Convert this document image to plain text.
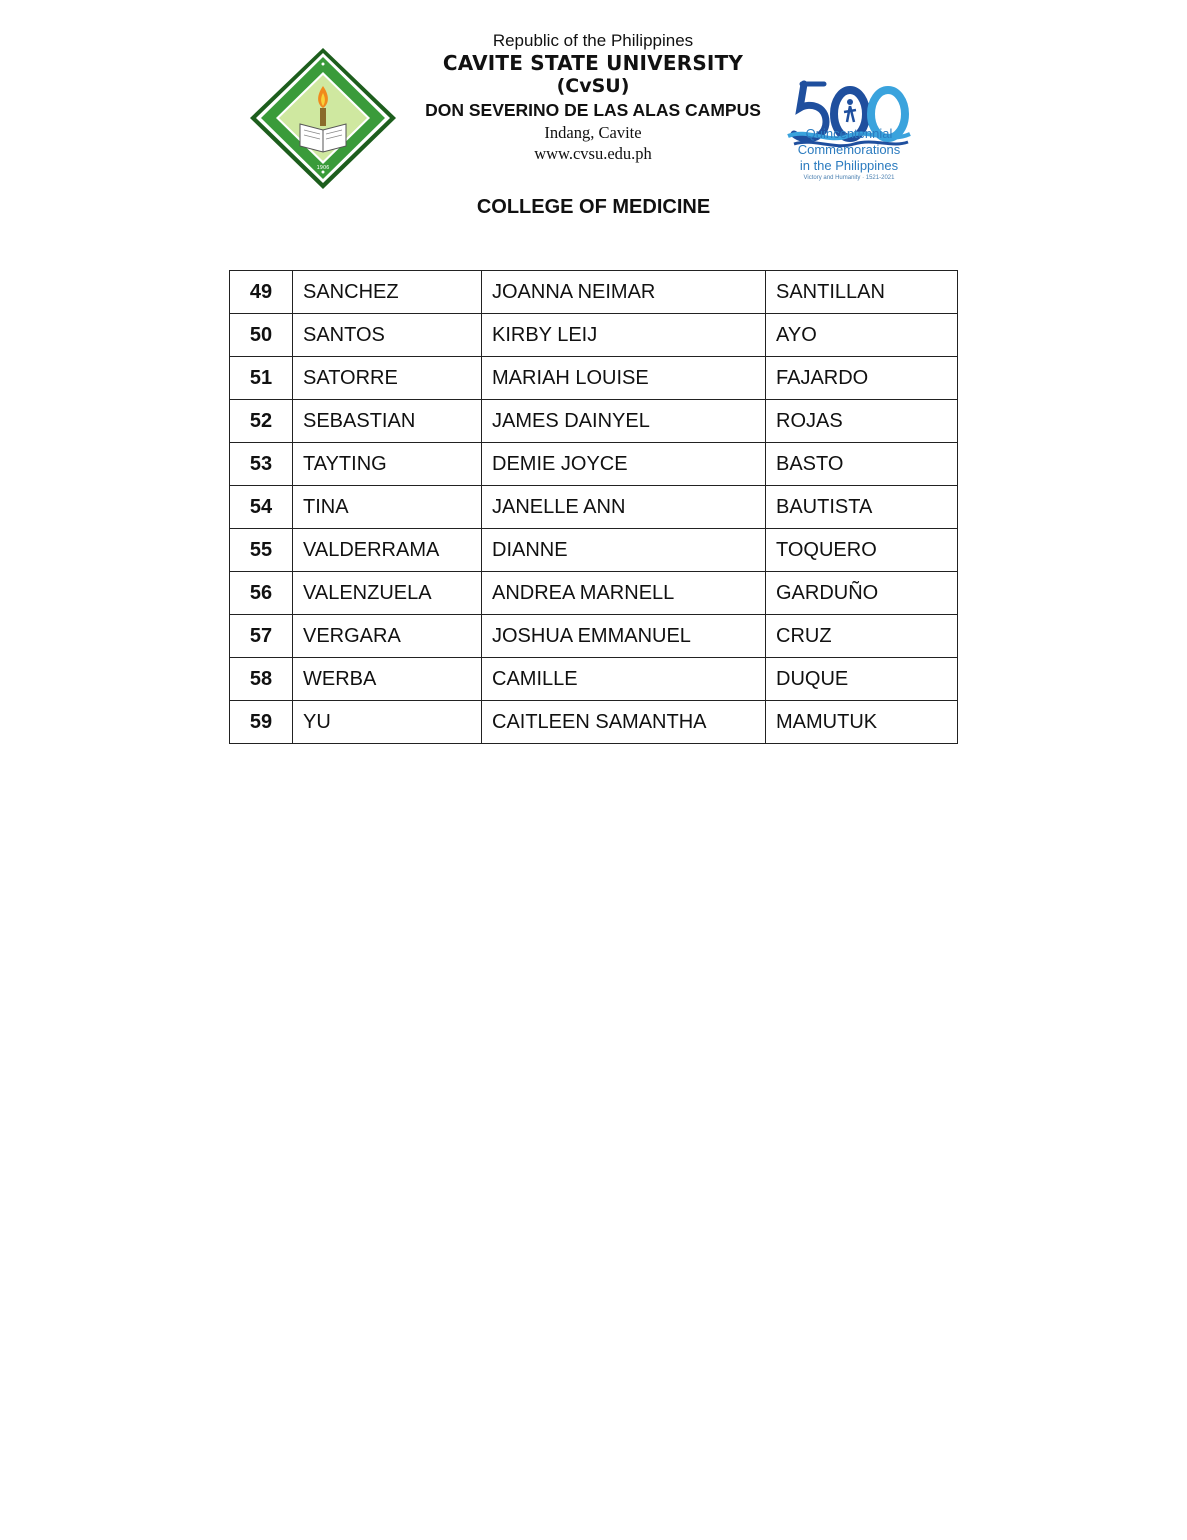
1906
Republic of the Philippines
CAVITE STATE UNIVERSITY
(CvSU)
DON SEVERINO DE LAS ALAS CAMPUS
Indang, Cavite
www.cvsu.edu.ph
Quincentennial
Commemorations
in the Philippines
Victory and Humanity · 1521-2021
COLLEGE OF MEDICINE
49	SANCHEZ	JOANNA NEIMAR	SANTILLAN
50	SANTOS	KIRBY LEIJ	AYO
51	SATORRE	MARIAH LOUISE	FAJARDO
52	SEBASTIAN	JAMES DAINYEL	ROJAS
53	TAYTING	DEMIE JOYCE	BASTO
54	TINA	JANELLE ANN	BAUTISTA
55	VALDERRAMA	DIANNE	TOQUERO
56	VALENZUELA	ANDREA MARNELL	GARDUÑO
57	VERGARA	JOSHUA EMMANUEL	CRUZ
58	WERBA	CAMILLE	DUQUE
59	YU	CAITLEEN SAMANTHA	MAMUTUK
